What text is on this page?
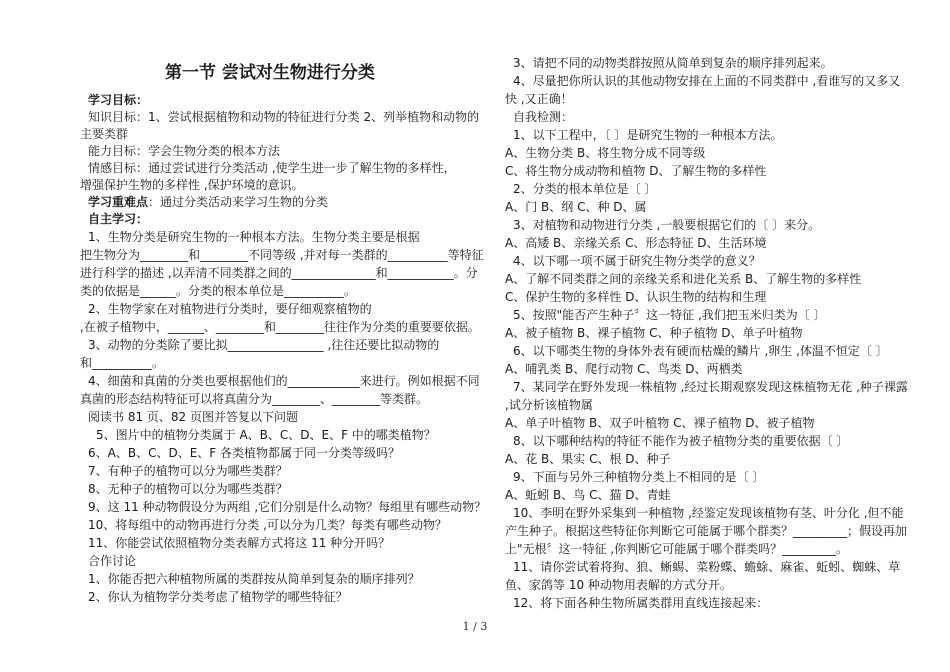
第一节 尝试对生物进行分类

学习目标：

知识目标：1、尝试根据植物和动物的特征进行分类 2、列举植物和动物的

主要类群

能力目标：学会生物分类的根本方法

情感目标：通过尝试进行分类活动 ,使学生进一步了解生物的多样性，

增强保护生物的多样性 ,保护环境的意识。

学习重难点：通过分类活动来学习生物的分类

自主学习：

1、生物分类是研究生物的一种根本方法。生物分类主要是根据

把生物分为________和________不同等级 ,并对每一类群的__________等特征

进行科学的描述 ,以弄清不同类群之间的______________和___________。分

类的依据是______。分类的根本单位是__________。

2、生物学家在对植物进行分类时，要仔细观察植物的

,在被子植物中，______、________和________往往作为分类的重要要依据。

3、动物的分类除了要比拟________________ ,往往还要比拟动物的

和__________。

4、细菌和真菌的分类也要根据他们的____________来进行。例如根据不同

真菌的形态结构特征可以将真菌分为________、________等类群。

阅读书 81 页、82 页图并答复以下问题

5、图片中的植物分类属于 A、B、C、D、E、F 中的哪类植物？

6、A、B、C、D、E、F 各类植物都属于同一分类等级吗？

7、有种子的植物可以分为哪些类群？

8、无种子的植物可以分为哪些类群？

9、这 11 种动物假设分为两组 ,它们分别是什么动物？每组里有哪些动物？

10、将每组中的动物再进行分类 ,可以分为几类？每类有哪些动物？

11、你能尝试依照植物分类表解方式将这 11 种分开吗？

合作讨论

1、你能否把六种植物所属的类群按从简单到复杂的顺序排列？

2、你认为植物学分类考虑了植物学的哪些特征？

3、请把不同的动物类群按照从简单到复杂的顺序排列起来。

4、尽量把你所认识的其他动物安排在上面的不同类群中 ,看谁写的又多又

快 ,又正确！

自我检测：

1、以下工程中，〔 〕是研究生物的一种根本方法。

A、生物分类 B、将生物分成不同等级

C、将生物分成动物和植物 D、了解生物的多样性

2、分类的根本单位是〔 〕

A、门 B、纲 C、种 D、属

3、对植物和动物进行分类 ,一般要根据它们的〔 〕来分。

A、高矮 B、亲缘关系 C、形态特征 D、生活环境

4、以下哪一项不属于研究生物分类学的意义？

A、了解不同类群之间的亲缘关系和进化关系 B、了解生物的多样性

C、保护生物的多样性 D、认识生物的结构和生理

5、按照"能否产生种子〞这一特征 ,我们把玉米归类为〔 〕

A、被子植物 B、裸子植物 C、种子植物 D、单子叶植物

6、以下哪类生物的身体外表有硬而枯燥的鳞片 ,卵生 ,体温不恒定〔 〕

A、哺乳类 B、爬行动物 C、鸟类 D、两栖类

7、某同学在野外发现一株植物 ,经过长期观察发现这株植物无花 ,种子裸露

,试分析该植物属

A、单子叶植物 B、双子叶植物 C、裸子植物 D、被子植物

8、以下哪种结构的特征不能作为被子植物分类的重要依据〔 〕

A、花 B、果实 C、根 D、种子

9、下面与另外三种植物分类上不相同的是〔 〕

A、蚯蚓 B、鸟 C、猫 D、青蛙

10、李明在野外采集到一种植物 ,经鉴定发现该植物有茎、叶分化 ,但不能

产生种子。根据这些特征你判断它可能属于哪个群类？_________；假设再加

上"无根〞这一特征 ,你判断它可能属于哪个群类吗？_________。

11、请你尝试着将狗、狼、蜥蜴、菜粉蝶、蟾蜍、麻雀、蚯蚓、蜘蛛、草

鱼、家鸽等 10 种动物用表解的方式分开。

12、将下面各种生物所属类群用直线连接起来：

1 / 3
